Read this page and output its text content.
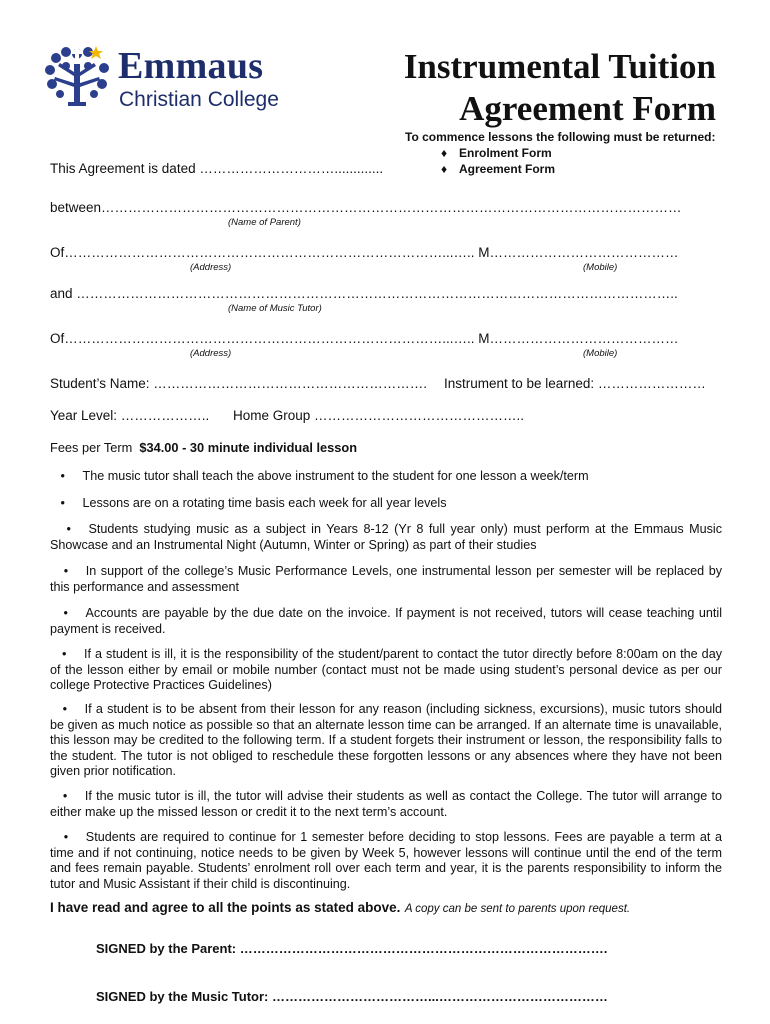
Emmaus
Christian College
Instrumental Tuition
Agreement Form
To commence lessons the following must be returned:
♦ Enrolment Form
♦ Agreement Form
This Agreement is dated ………………………….............
between…………………………………………………………………………………………………………………
(Name of Parent)
Of…………………………………………………………………………...….. M……………………………………
(Address)	(Mobile)
and ……………………………………………………………………………………………………………………..
(Name of Music Tutor)
Of…………………………………………………………………………...….. M……………………………………
(Address)	(Mobile)
Student’s Name: ……………………………………………………. Instrument to be learned: ……………………
Year Level: ……………….. Home Group ………………………………………..
Fees per Term $34.00 - 30 minute individual lesson
• The music tutor shall teach the above instrument to the student for one lesson a week/term
• Lessons are on a rotating time basis each week for all year levels
• Students studying music as a subject in Years 8-12 (Yr 8 full year only) must perform at the Emmaus Music Showcase and an Instrumental Night (Autumn, Winter or Spring) as part of their studies
• In support of the college’s Music Performance Levels, one instrumental lesson per semester will be replaced by this performance and assessment
• Accounts are payable by the due date on the invoice. If payment is not received, tutors will cease teaching until payment is received.
• If a student is ill, it is the responsibility of the student/parent to contact the tutor directly before 8:00am on the day of the lesson either by email or mobile number (contact must not be made using student’s personal device as per our college Protective Practices Guidelines)
• If a student is to be absent from their lesson for any reason (including sickness, excursions), music tutors should be given as much notice as possible so that an alternate lesson time can be arranged. If an alternate time is unavailable, this lesson may be credited to the following term. If a student forgets their instrument or lesson, the responsibility falls to the student. The tutor is not obliged to reschedule these forgotten lessons or any absences where they have not been given prior notification.
• If the music tutor is ill, the tutor will advise their students as well as contact the College. The tutor will arrange to either make up the missed lesson or credit it to the next term’s account.
• Students are required to continue for 1 semester before deciding to stop lessons. Fees are payable a term at a time and if not continuing, notice needs to be given by Week 5, however lessons will continue until the end of the term and fees remain payable. Students’ enrolment roll over each term and year, it is the parents responsibility to inform the tutor and Music Assistant if their child is discontinuing.
I have read and agree to all the points as stated above. A copy can be sent to parents upon request.
SIGNED by the Parent: ………………………………………………………………………….
SIGNED by the Music Tutor: ………………………………...…………………………………
